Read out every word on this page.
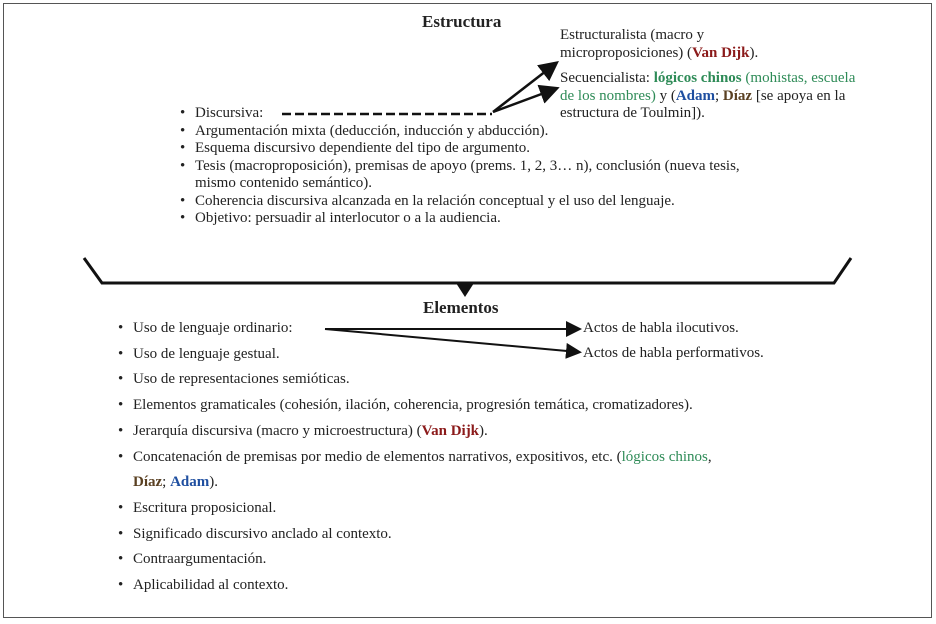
Estructura
Estructuralista (macro y
microproposiciones) (Van Dijk).
Secuencialista: lógicos chinos (mohistas, escuela de los nombres) y (Adam; Díaz [se apoya en la estructura de Toulmin]).
• Discursiva:
• Argumentación mixta (deducción, inducción y abducción).
• Esquema discursivo dependiente del tipo de argumento.
• Tesis (macroproposición), premisas de apoyo (prems. 1, 2, 3… n), conclusión (nueva tesis, mismo contenido semántico).
• Coherencia discursiva alcanzada en la relación conceptual y el uso del lenguaje.
• Objetivo: persuadir al interlocutor o a la audiencia.
Elementos
Actos de habla ilocutivos.
Actos de habla performativos.
• Uso de lenguaje ordinario:
• Uso de lenguaje gestual.
• Uso de representaciones semióticas.
• Elementos gramaticales (cohesión, ilación, coherencia, progresión temática, cromatizadores).
• Jerarquía discursiva (macro y microestructura) (Van Dijk).
• Concatenación de premisas por medio de elementos narrativos, expositivos, etc. (lógicos chinos,
Díaz; Adam).
• Escritura proposicional.
• Significado discursivo anclado al contexto.
• Contraargumentación.
• Aplicabilidad al contexto.
